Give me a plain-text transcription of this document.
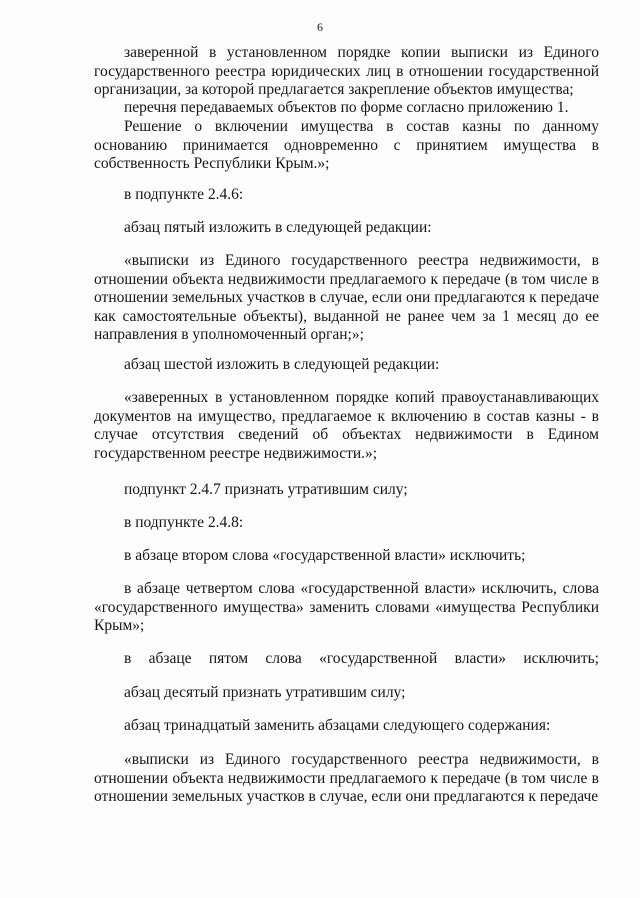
6

заверенной в установленном порядке копии выписки из Единого государственного реестра юридических лиц в отношении государственной организации, за которой предлагается закрепление объектов имущества;

перечня передаваемых объектов по форме согласно приложению 1.

Решение о включении имущества в состав казны по данному основанию принимается одновременно с принятием имущества в собственность Республики Крым.»;

в подпункте 2.4.6:

абзац пятый изложить в следующей редакции:

«выписки из Единого государственного реестра недвижимости, в отношении объекта недвижимости предлагаемого к передаче (в том числе в отношении земельных участков в случае, если они предлагаются к передаче как самостоятельные объекты), выданной не ранее чем за 1 месяц до ее направления в уполномоченный орган;»;

абзац шестой изложить в следующей редакции:

«заверенных в установленном порядке копий правоустанавливающих документов на имущество, предлагаемое к включению в состав казны - в случае отсутствия сведений об объектах недвижимости в Едином государственном реестре недвижимости.»;

подпункт 2.4.7 признать утратившим силу;

в подпункте 2.4.8:

в абзаце втором слова «государственной власти» исключить;

в абзаце четвертом слова «государственной власти» исключить, слова «государственного имущества» заменить словами «имущества Республики Крым»;

в абзаце пятом слова «государственной власти» исключить;

абзац десятый признать утратившим силу;

абзац тринадцатый заменить абзацами следующего содержания:

«выписки из Единого государственного реестра недвижимости, в отношении объекта недвижимости предлагаемого к передаче (в том числе в отношении земельных участков в случае, если они предлагаются к передаче
